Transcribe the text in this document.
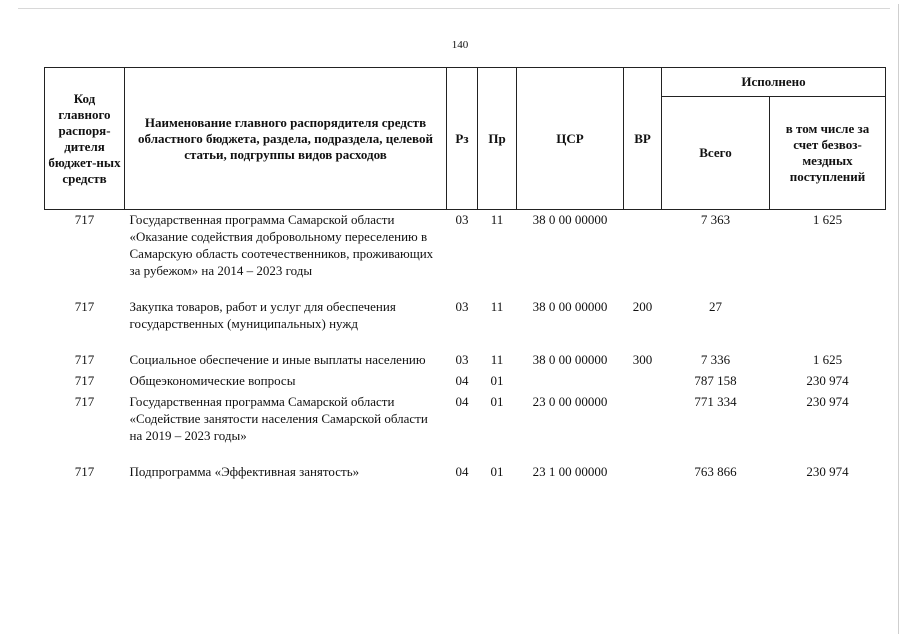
140
Код главного распоря-дителя бюджет-ных средств	Наименование главного распорядителя средств областного бюджета, раздела, подраздела, целевой статьи, подгруппы видов расходов	Рз	Пр	ЦСР	ВР	Исполнено	
						Всего	в том числе за счет безвоз-мездных поступлений
717	Государственная программа Самарской области «Оказание содействия добровольному переселению в Самарскую область соотечественников, проживающих за рубежом» на 2014 – 2023 годы	03	11	38 0 00 00000		7 363	1 625
717	Закупка товаров, работ и услуг для обеспечения государственных (муниципальных) нужд	03	11	38 0 00 00000	200	27	
717	Социальное обеспечение и иные выплаты населению	03	11	38 0 00 00000	300	7 336	1 625
717	Общеэкономические вопросы	04	01			787 158	230 974
717	Государственная программа Самарской области «Содействие занятости населения Самарской области на 2019 – 2023 годы»	04	01	23 0 00 00000		771 334	230 974
717	Подпрограмма «Эффективная занятость»	04	01	23 1 00 00000		763 866	230 974
